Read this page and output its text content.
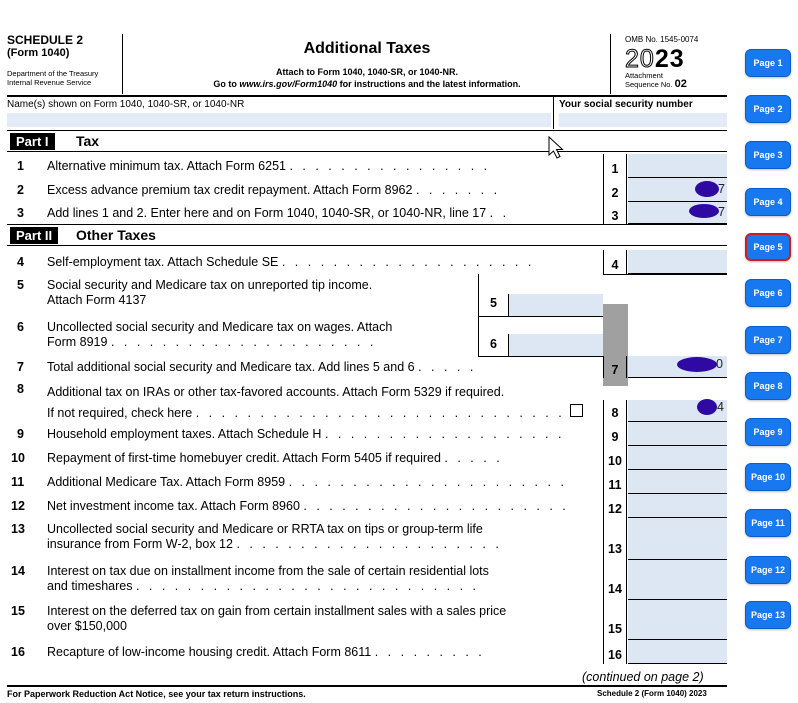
SCHEDULE 2
(Form 1040)
Department of the Treasury
Internal Revenue Service
Additional Taxes
Attach to Form 1040, 1040-SR, or 1040-NR.
Go to www.irs.gov/Form1040 for instructions and the latest information.
OMB No. 1545-0074
2023
Attachment
Sequence No. 02
Name(s) shown on Form 1040, 1040-SR, or 1040-NR	Your social security number
Part I	Tax
1 Alternative minimum tax. Attach Form 6251 . . . . . . . . . . . . . . . .	1
2 Excess advance premium tax credit repayment. Attach Form 8962 . . . . . . .	2	7
3 Add lines 1 and 2. Enter here and on Form 1040, 1040-SR, or 1040-NR, line 17 . .	3	7
Part II	Other Taxes
4 Self-employment tax. Attach Schedule SE . . . . . . . . . . . . . . . . . . . .	4
5 Social security and Medicare tax on unreported tip income.
Attach Form 4137	5
6 Uncollected social security and Medicare tax on wages. Attach
Form 8919 . . . . . . . . . . . . . . . . . . . . .	6
7 Total additional social security and Medicare tax. Add lines 5 and 6 . . . . .	7	0
8 Additional tax on IRAs or other tax-favored accounts. Attach Form 5329 if required.
If not required, check here . . . . . . . . . . . . . . . . . . . . . . . . . . . . .	8	4
9 Household employment taxes. Attach Schedule H . . . . . . . . . . . . . . . . . . .	9
10 Repayment of first-time homebuyer credit. Attach Form 5405 if required . . . . .	10
11 Additional Medicare Tax. Attach Form 8959 . . . . . . . . . . . . . . . . . . . . . .	11
12 Net investment income tax. Attach Form 8960 . . . . . . . . . . . . . . . . . . . . .	12
13 Uncollected social security and Medicare or RRTA tax on tips or group-term life
insurance from Form W-2, box 12 . . . . . . . . . . . . . . . . . . . . .	13
14 Interest on tax due on installment income from the sale of certain residential lots
and timeshares . . . . . . . . . . . . . . . . . . . . . . . . . . .	14
15 Interest on the deferred tax on gain from certain installment sales with a sales price
over $150,000	15
16 Recapture of low-income housing credit. Attach Form 8611 . . . . . . . . .	16
(continued on page 2)
For Paperwork Reduction Act Notice, see your tax return instructions.	Schedule 2 (Form 1040) 2023
Page 1
Page 2
Page 3
Page 4
Page 5
Page 6
Page 7
Page 8
Page 9
Page 10
Page 11
Page 12
Page 13
